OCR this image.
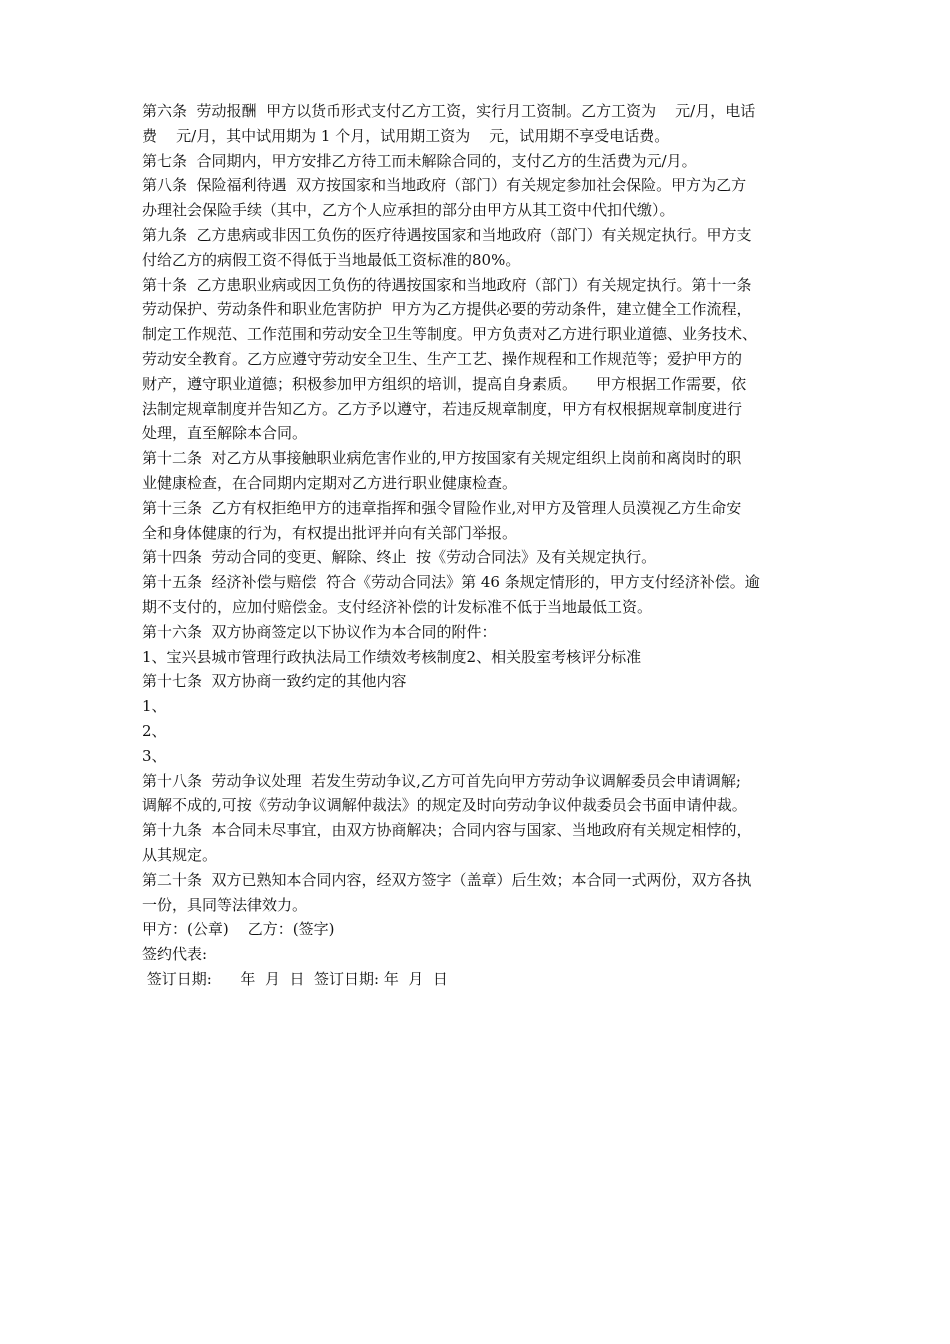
第六条  劳动报酬  甲方以货币形式支付乙方工资，实行月工资制。乙方工资为    元/月，电话
费    元/月，其中试用期为 1 个月，试用期工资为    元，试用期不享受电话费。
第七条  合同期内，甲方安排乙方待工而未解除合同的，支付乙方的生活费为元/月。
第八条  保险福利待遇  双方按国家和当地政府（部门）有关规定参加社会保险。甲方为乙方
办理社会保险手续（其中，乙方个人应承担的部分由甲方从其工资中代扣代缴）。
第九条  乙方患病或非因工负伤的医疗待遇按国家和当地政府（部门）有关规定执行。甲方支
付给乙方的病假工资不得低于当地最低工资标准的80%。
第十条  乙方患职业病或因工负伤的待遇按国家和当地政府（部门）有关规定执行。第十一条
劳动保护、劳动条件和职业危害防护  甲方为乙方提供必要的劳动条件，建立健全工作流程，
制定工作规范、工作范围和劳动安全卫生等制度。甲方负责对乙方进行职业道德、业务技术、
劳动安全教育。乙方应遵守劳动安全卫生、生产工艺、操作规程和工作规范等；爱护甲方的
财产，遵守职业道德；积极参加甲方组织的培训，提高自身素质。    甲方根据工作需要，依
法制定规章制度并告知乙方。乙方予以遵守，若违反规章制度，甲方有权根据规章制度进行
处理，直至解除本合同。
第十二条  对乙方从事接触职业病危害作业的,甲方按国家有关规定组织上岗前和离岗时的职
业健康检查，在合同期内定期对乙方进行职业健康检查。
第十三条  乙方有权拒绝甲方的违章指挥和强令冒险作业,对甲方及管理人员漠视乙方生命安
全和身体健康的行为，有权提出批评并向有关部门举报。
第十四条  劳动合同的变更、解除、终止  按《劳动合同法》及有关规定执行。
第十五条  经济补偿与赔偿  符合《劳动合同法》第 46 条规定情形的，甲方支付经济补偿。逾
期不支付的，应加付赔偿金。支付经济补偿的计发标准不低于当地最低工资。
第十六条  双方协商签定以下协议作为本合同的附件：
1、宝兴县城市管理行政执法局工作绩效考核制度2、相关股室考核评分标准
第十七条  双方协商一致约定的其他内容
1、
2、
3、
第十八条  劳动争议处理  若发生劳动争议,乙方可首先向甲方劳动争议调解委员会申请调解;
调解不成的,可按《劳动争议调解仲裁法》的规定及时向劳动争议仲裁委员会书面申请仲裁。
第十九条  本合同未尽事宜，由双方协商解决；合同内容与国家、当地政府有关规定相悖的，
从其规定。
第二十条  双方已熟知本合同内容，经双方签字（盖章）后生效；本合同一式两份，双方各执
一份，具同等法律效力。
甲方：(公章)    乙方：(签字)
签约代表:
签订日期:      年  月  日  签订日期: 年  月  日
